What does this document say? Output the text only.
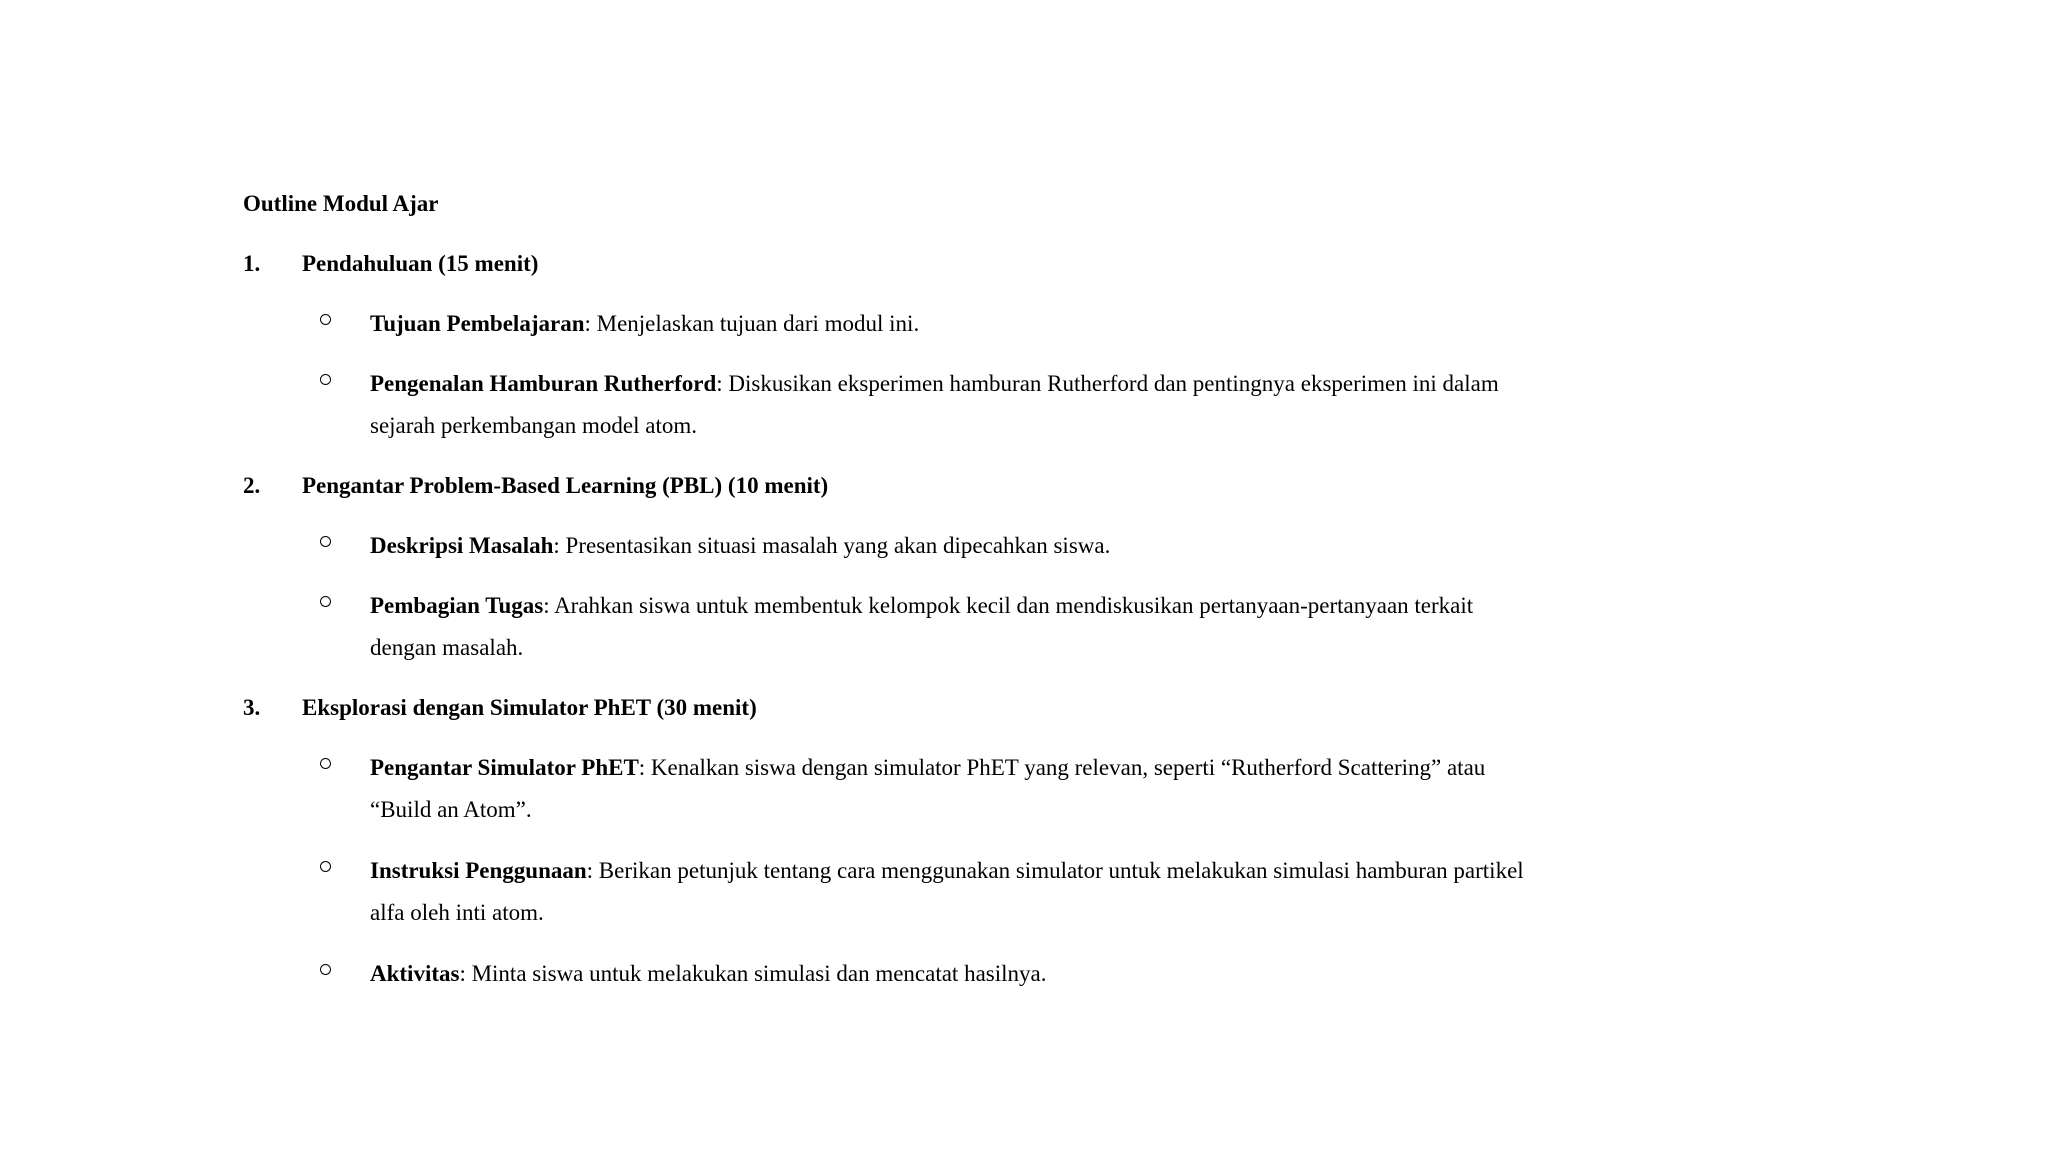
Outline Modul Ajar
1. Pendahuluan (15 menit)
Tujuan Pembelajaran: Menjelaskan tujuan dari modul ini.
Pengenalan Hamburan Rutherford: Diskusikan eksperimen hamburan Rutherford dan pentingnya eksperimen ini dalam sejarah perkembangan model atom.
2. Pengantar Problem-Based Learning (PBL) (10 menit)
Deskripsi Masalah: Presentasikan situasi masalah yang akan dipecahkan siswa.
Pembagian Tugas: Arahkan siswa untuk membentuk kelompok kecil dan mendiskusikan pertanyaan-pertanyaan terkait dengan masalah.
3. Eksplorasi dengan Simulator PhET (30 menit)
Pengantar Simulator PhET: Kenalkan siswa dengan simulator PhET yang relevan, seperti “Rutherford Scattering” atau “Build an Atom”.
Instruksi Penggunaan: Berikan petunjuk tentang cara menggunakan simulator untuk melakukan simulasi hamburan partikel alfa oleh inti atom.
Aktivitas: Minta siswa untuk melakukan simulasi dan mencatat hasilnya.
